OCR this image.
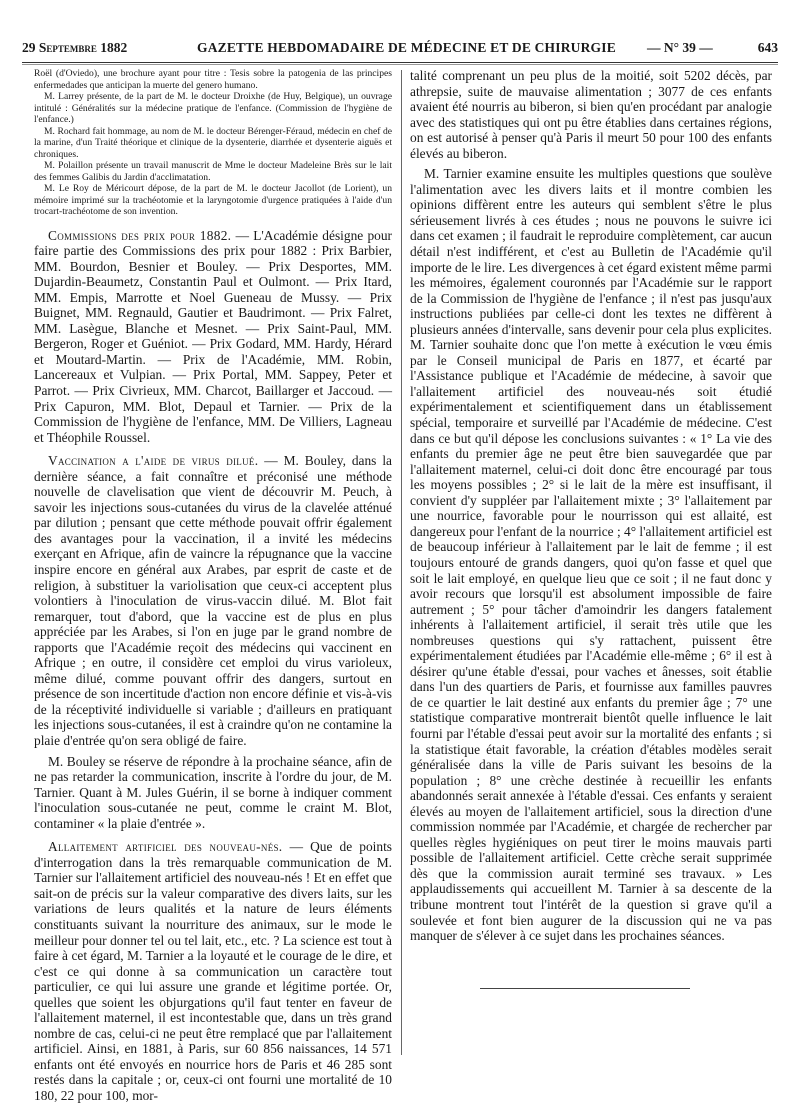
29 Septembre 1882	GAZETTE HEBDOMADAIRE DE MÉDECINE ET DE CHIRURGIE — N° 39 —	643

Roël (d'Oviedo), une brochure ayant pour titre : Tesis sobre la patogenia de las principes enfermedades que anticipan la muerte del genero humano.

M. Larrey présente, de la part de M. le docteur Droixhe (de Huy, Belgique), un ouvrage intitulé : Généralités sur la médecine pratique de l'enfance. (Commission de l'hygiène de l'enfance.)

M. Rochard fait hommage, au nom de M. le docteur Bérenger-Féraud, médecin en chef de la marine, d'un Traité théorique et clinique de la dysenterie, diarrhée et dysenterie aiguës et chroniques.

M. Polaillon présente un travail manuscrit de Mme le docteur Madeleine Brès sur le lait des femmes Galibis du Jardin d'acclimatation.

M. Le Roy de Méricourt dépose, de la part de M. le docteur Jacollot (de Lorient), un mémoire imprimé sur la trachéotomie et la laryngotomie d'urgence pratiquées à l'aide d'un trocart-trachéotome de son invention.

Commissions des prix pour 1882. — L'Académie désigne pour faire partie des Commissions des prix pour 1882 : Prix Barbier, MM. Bourdon, Besnier et Bouley. — Prix Desportes, MM. Dujardin-Beaumetz, Constantin Paul et Oulmont. — Prix Itard, MM. Empis, Marrotte et Noel Gueneau de Mussy. — Prix Buignet, MM. Regnauld, Gautier et Baudrimont. — Prix Falret, MM. Lasègue, Blanche et Mesnet. — Prix Saint-Paul, MM. Bergeron, Roger et Guéniot. — Prix Godard, MM. Hardy, Hérard et Moutard-Martin. — Prix de l'Académie, MM. Robin, Lancereaux et Vulpian. — Prix Portal, MM. Sappey, Peter et Parrot. — Prix Civrieux, MM. Charcot, Baillarger et Jaccoud. — Prix Capuron, MM. Blot, Depaul et Tarnier. — Prix de la Commission de l'hygiène de l'enfance, MM. De Villiers, Lagneau et Théophile Roussel.

Vaccination a l'aide de virus dilué. — M. Bouley, dans la dernière séance, a fait connaître et préconisé une méthode nouvelle de clavelisation que vient de découvrir M. Peuch, à savoir les injections sous-cutanées du virus de la clavelée atténué par dilution ; pensant que cette méthode pouvait offrir également des avantages pour la vaccination, il a invité les médecins exerçant en Afrique, afin de vaincre la répugnance que la vaccine inspire encore en général aux Arabes, par esprit de caste et de religion, à substituer la variolisation que ceux-ci acceptent plus volontiers à l'inoculation de virus-vaccin dilué. M. Blot fait remarquer, tout d'abord, que la vaccine est de plus en plus appréciée par les Arabes, si l'on en juge par le grand nombre de rapports que l'Académie reçoit des médecins qui vaccinent en Afrique ; en outre, il considère cet emploi du virus varioleux, même dilué, comme pouvant offrir des dangers, surtout en présence de son incertitude d'action non encore définie et vis-à-vis de la réceptivité individuelle si variable ; d'ailleurs en pratiquant les injections sous-cutanées, il est à craindre qu'on ne contamine la plaie d'entrée qu'on sera obligé de faire.

M. Bouley se réserve de répondre à la prochaine séance, afin de ne pas retarder la communication, inscrite à l'ordre du jour, de M. Tarnier. Quant à M. Jules Guérin, il se borne à indiquer comment l'inoculation sous-cutanée ne peut, comme le craint M. Blot, contaminer « la plaie d'entrée ».

Allaitement artificiel des nouveau-nés. — Que de points d'interrogation dans la très remarquable communication de M. Tarnier sur l'allaitement artificiel des nouveau-nés ! Et en effet que sait-on de précis sur la valeur comparative des divers laits, sur les variations de leurs qualités et la nature de leurs éléments constituants suivant la nourriture des animaux, sur le mode le meilleur pour donner tel ou tel lait, etc., etc. ? La science est tout à faire à cet égard, M. Tarnier a la loyauté et le courage de le dire, et c'est ce qui donne à sa communication un caractère tout particulier, ce qui lui assure une grande et légitime portée. Or, quelles que soient les objurgations qu'il faut tenter en faveur de l'allaitement maternel, il est incontestable que, dans un très grand nombre de cas, celui-ci ne peut être remplacé que par l'allaitement artificiel. Ainsi, en 1881, à Paris, sur 60 856 naissances, 14 571 enfants ont été envoyés en nourrice hors de Paris et 46 285 sont restés dans la capitale ; or, ceux-ci ont fourni une mortalité de 10 180, 22 pour 100, mor-

talité comprenant un peu plus de la moitié, soit 5202 décès, par athrepsie, suite de mauvaise alimentation ; 3077 de ces enfants avaient été nourris au biberon, si bien qu'en procédant par analogie avec des statistiques qui ont pu être établies dans certaines régions, on est autorisé à penser qu'à Paris il meurt 50 pour 100 des enfants élevés au biberon.

M. Tarnier examine ensuite les multiples questions que soulève l'alimentation avec les divers laits et il montre combien les opinions diffèrent entre les auteurs qui semblent s'être le plus sérieusement livrés à ces études ; nous ne pouvons le suivre ici dans cet examen ; il faudrait le reproduire complètement, car aucun détail n'est indifférent, et c'est au Bulletin de l'Académie qu'il importe de le lire. Les divergences à cet égard existent même parmi les mémoires, également couronnés par l'Académie sur le rapport de la Commission de l'hygiène de l'enfance ; il n'est pas jusqu'aux instructions publiées par celle-ci dont les textes ne diffèrent à plusieurs années d'intervalle, sans devenir pour cela plus explicites. M. Tarnier souhaite donc que l'on mette à exécution le vœu émis par le Conseil municipal de Paris en 1877, et écarté par l'Assistance publique et l'Académie de médecine, à savoir que l'allaitement artificiel des nouveau-nés soit étudié expérimentalement et scientifiquement dans un établissement spécial, temporaire et surveillé par l'Académie de médecine. C'est dans ce but qu'il dépose les conclusions suivantes : « 1° La vie des enfants du premier âge ne peut être bien sauvegardée que par l'allaitement maternel, celui-ci doit donc être encouragé par tous les moyens possibles ; 2° si le lait de la mère est insuffisant, il convient d'y suppléer par l'allaitement mixte ; 3° l'allaitement par une nourrice, favorable pour le nourrisson qui est allaité, est dangereux pour l'enfant de la nourrice ; 4° l'allaitement artificiel est de beaucoup inférieur à l'allaitement par le lait de femme ; il est toujours entouré de grands dangers, quoi qu'on fasse et quel que soit le lait employé, en quelque lieu que ce soit ; il ne faut donc y avoir recours que lorsqu'il est absolument impossible de faire autrement ; 5° pour tâcher d'amoindrir les dangers fatalement inhérents à l'allaitement artificiel, il serait très utile que les nombreuses questions qui s'y rattachent, puissent être expérimentalement étudiées par l'Académie elle-même ; 6° il est à désirer qu'une étable d'essai, pour vaches et ânesses, soit établie dans l'un des quartiers de Paris, et fournisse aux familles pauvres de ce quartier le lait destiné aux enfants du premier âge ; 7° une statistique comparative montrerait bientôt quelle influence le lait fourni par l'étable d'essai peut avoir sur la mortalité des enfants ; si la statistique était favorable, la création d'étables modèles serait généralisée dans la ville de Paris suivant les besoins de la population ; 8° une crèche destinée à recueillir les enfants abandonnés serait annexée à l'étable d'essai. Ces enfants y seraient élevés au moyen de l'allaitement artificiel, sous la direction d'une commission nommée par l'Académie, et chargée de rechercher par quelles règles hygiéniques on peut tirer le moins mauvais parti possible de l'allaitement artificiel. Cette crèche serait supprimée dès que la commission aurait terminé ses travaux. » Les applaudissements qui accueillent M. Tarnier à sa descente de la tribune montrent tout l'intérêt de la question si grave qu'il a soulevée et font bien augurer de la discussion qui ne va pas manquer de s'élever à ce sujet dans les prochaines séances.
